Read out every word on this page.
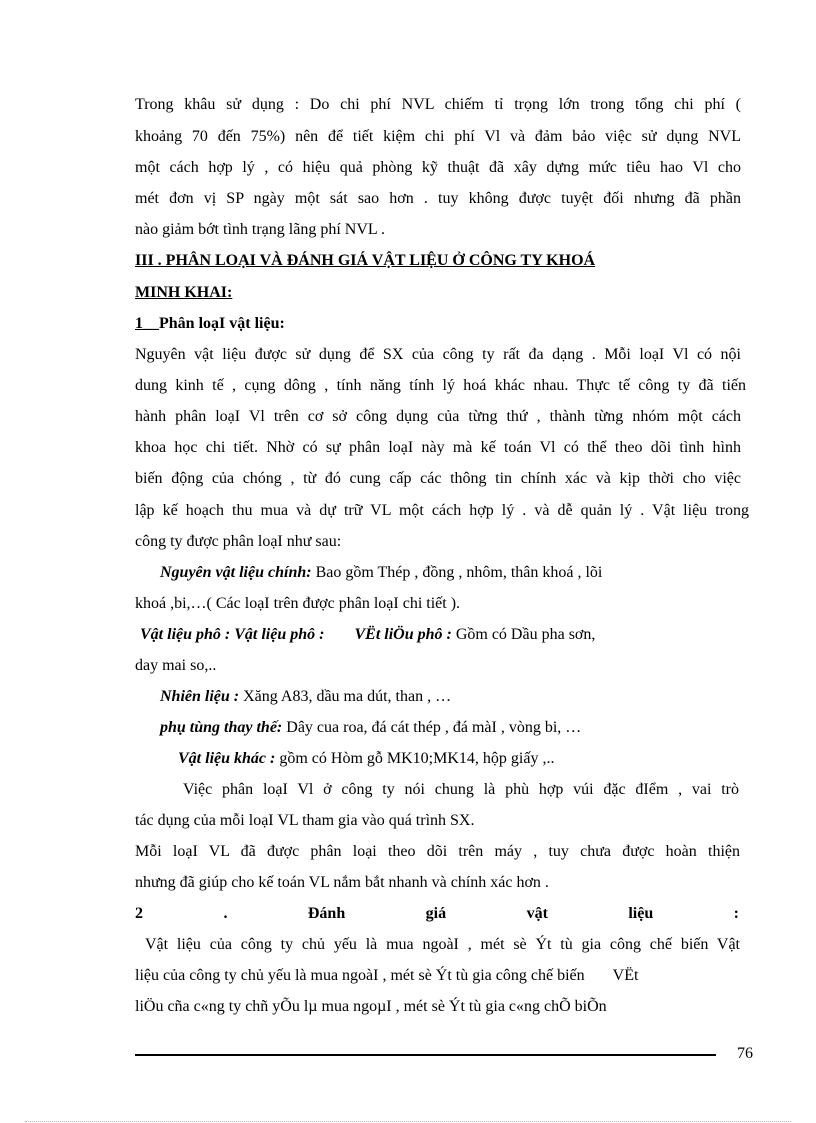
Trong khâu sử dụng : Do chi phí NVL chiếm tỉ trọng lớn trong tổng chi phí (
khoảng 70 đến 75%) nên để tiết kiệm chi phí Vl và đảm bảo việc sử dụng NVL
một cách hợp lý , có hiệu quả phòng kỹ thuật đã xây dựng mức tiêu hao Vl cho
mét đơn vị SP ngày một sát sao hơn . tuy không được tuyệt đối nhưng đã phần
nào giảm bớt tình trạng lãng phí NVL .
III . PHÂN LOẠI VÀ ĐÁNH GIÁ VẬT LIỆU Ở CÔNG TY KHOÁ
MINH KHAI:
1__Phân loạI vật liệu:
Nguyên vật liệu được sử dụng để SX của công ty rất đa dạng . Mỗi loạI Vl có nội
dung kinh tế , cụng dông , tính năng tính lý hoá khác nhau. Thực tế công ty đã tiến
hành phân loạI Vl trên cơ sở công dụng của từng thứ , thành từng nhóm một cách
khoa học chi tiết. Nhờ có sự phân loạI này mà kế toán Vl có thể theo dõi tình hình
biến động của chóng , từ đó cung cấp các thông tin chính xác và kịp thời cho việc
lập kế hoạch thu mua và dự trữ VL một cách hợp lý . và dễ quản lý . Vật liệu trong
công ty được phân loạI như sau:
Nguyên vật liệu chính: Bao gồm Thép , đồng , nhôm, thân khoá , lõi
khoá ,bi,…( Các loạI trên được phân loạI chi tiết ).
Vật liệu phô : Vật liệu phô : VËt liÖu phô : Gồm có Dầu pha sơn,
day mai so,..
Nhiên liệu : Xăng A83, dầu ma dút, than , …
phụ tùng thay thế: Dây cua roa, đá cát thép , đá màI , vòng bi, …
Vật liệu khác : gồm có Hòm gỗ MK10;MK14, hộp giấy ,..
Việc phân loạI Vl ở công ty nói chung là phù hợp vúi đặc đIểm , vai trò
tác dụng của mỗi loạI VL tham gia vào quá trình SX.
Mỗi loạI VL đã được phân loại theo dõi trên máy , tuy chưa được hoàn thiện
nhưng đã giúp cho kế toán VL nắm bắt nhanh và chính xác hơn .
2	.	Đánh	giá	vật	liệu	:
Vật liệu của công ty chủ yếu là mua ngoàI , mét sè Ýt tù gia công chế biến Vật
liệu của công ty chủ yếu là mua ngoàI , mét sè Ýt tù gia công chế biến VËt
liÖu cña c«ng ty chñ yÕu lµ mua ngoµI , mét sè Ýt tù gia c«ng chÕ biÕn
76
